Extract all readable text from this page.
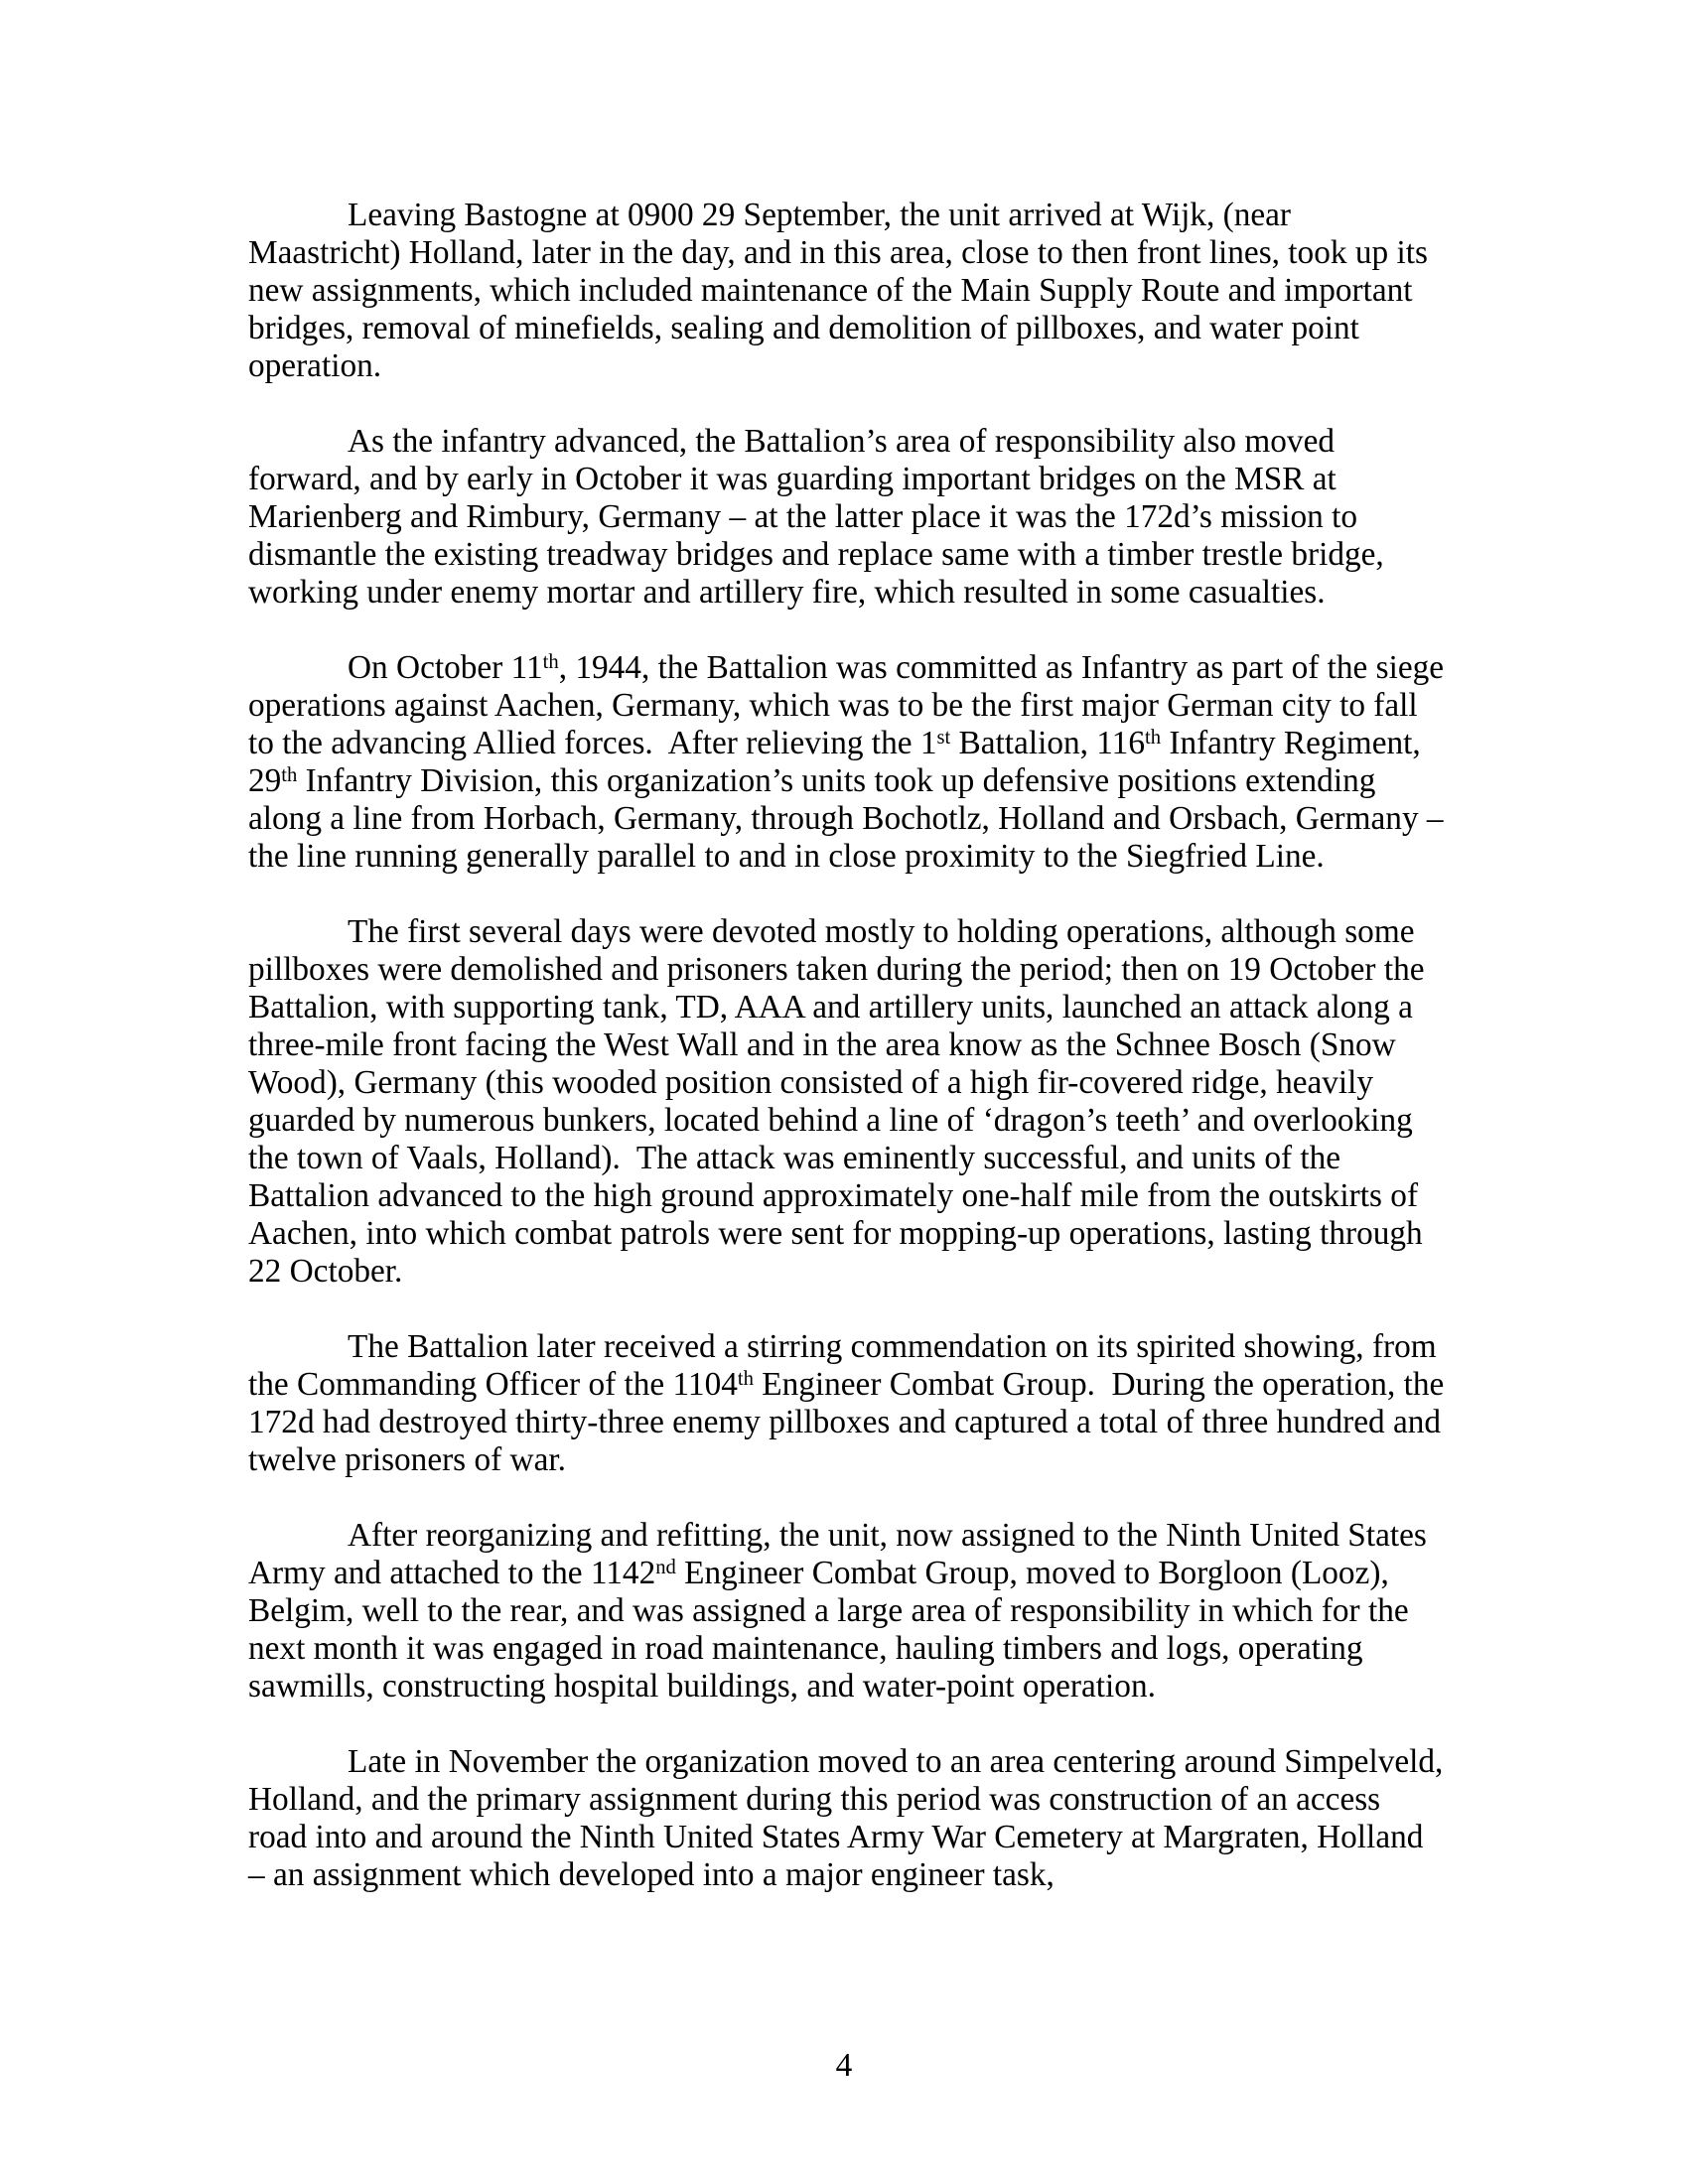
Leaving Bastogne at 0900 29 September, the unit arrived at Wijk, (near Maastricht) Holland, later in the day, and in this area, close to then front lines, took up its new assignments, which included maintenance of the Main Supply Route and important bridges, removal of minefields, sealing and demolition of pillboxes, and water point operation.

As the infantry advanced, the Battalion’s area of responsibility also moved forward, and by early in October it was guarding important bridges on the MSR at Marienberg and Rimbury, Germany – at the latter place it was the 172d’s mission to dismantle the existing treadway bridges and replace same with a timber trestle bridge, working under enemy mortar and artillery fire, which resulted in some casualties.

On October 11th, 1944, the Battalion was committed as Infantry as part of the siege operations against Aachen, Germany, which was to be the first major German city to fall to the advancing Allied forces.  After relieving the 1st Battalion, 116th Infantry Regiment, 29th Infantry Division, this organization’s units took up defensive positions extending along a line from Horbach, Germany, through Bochotlz, Holland and Orsbach, Germany – the line running generally parallel to and in close proximity to the Siegfried Line.

The first several days were devoted mostly to holding operations, although some pillboxes were demolished and prisoners taken during the period; then on 19 October the Battalion, with supporting tank, TD, AAA and artillery units, launched an attack along a three-mile front facing the West Wall and in the area know as the Schnee Bosch (Snow Wood), Germany (this wooded position consisted of a high fir-covered ridge, heavily guarded by numerous bunkers, located behind a line of ‘dragon’s teeth’ and overlooking the town of Vaals, Holland).  The attack was eminently successful, and units of the Battalion advanced to the high ground approximately one-half mile from the outskirts of Aachen, into which combat patrols were sent for mopping-up operations, lasting through 22 October.

The Battalion later received a stirring commendation on its spirited showing, from the Commanding Officer of the 1104th Engineer Combat Group.  During the operation, the 172d had destroyed thirty-three enemy pillboxes and captured a total of three hundred and twelve prisoners of war.

After reorganizing and refitting, the unit, now assigned to the Ninth United States Army and attached to the 1142nd Engineer Combat Group, moved to Borgloon (Looz), Belgim, well to the rear, and was assigned a large area of responsibility in which for the next month it was engaged in road maintenance, hauling timbers and logs, operating sawmills, constructing hospital buildings, and water-point operation.

Late in November the organization moved to an area centering around Simpelveld, Holland, and the primary assignment during this period was construction of an access road into and around the Ninth United States Army War Cemetery at Margraten, Holland – an assignment which developed into a major engineer task,

4
